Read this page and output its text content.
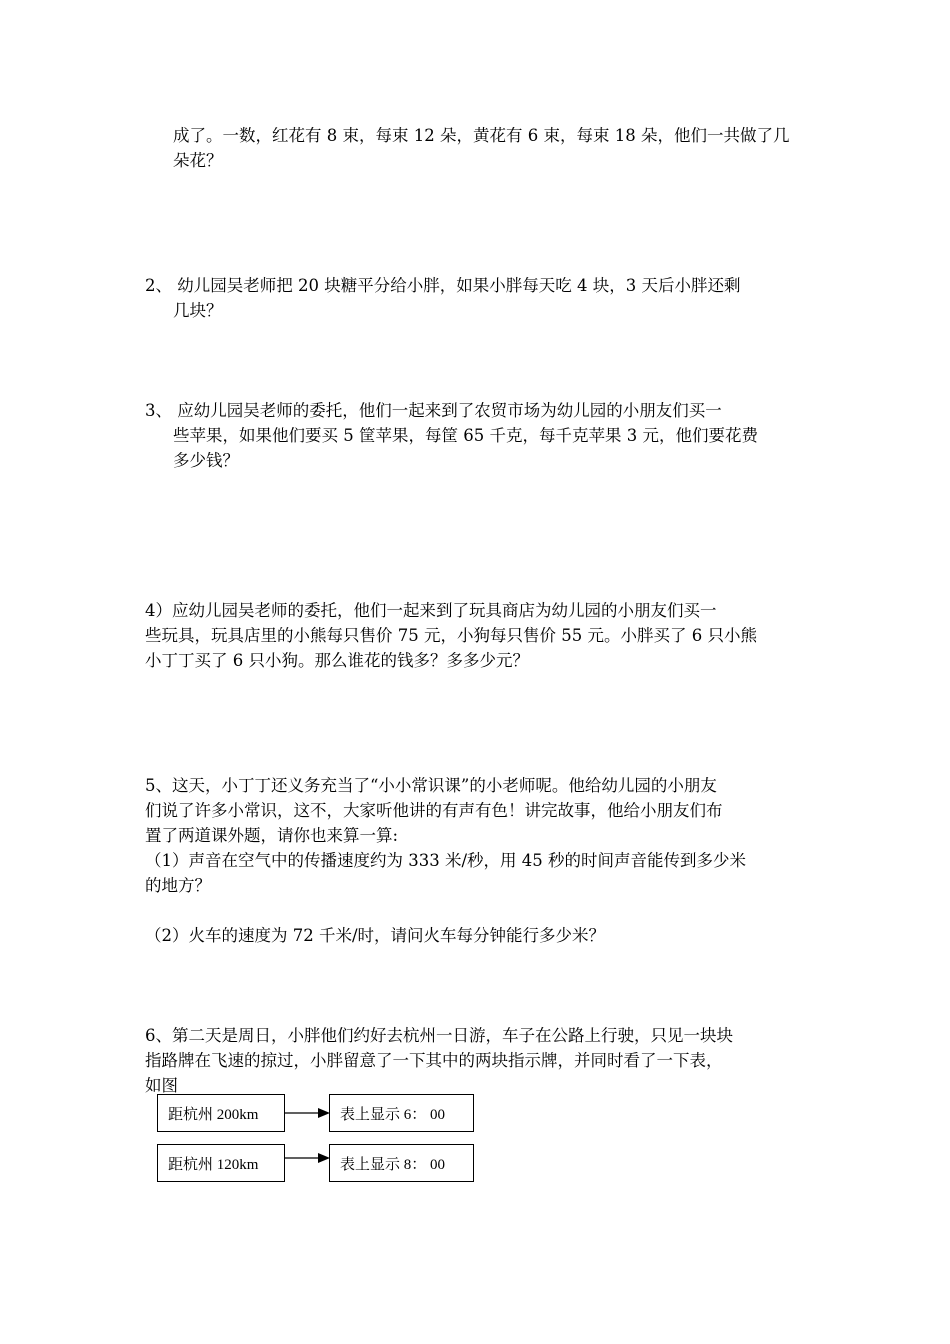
成了。一数，红花有 8 束，每束 12 朵，黄花有 6 束，每束 18 朵，他们一共做了几
朵花？
2、 幼儿园吴老师把 20 块糖平分给小胖，如果小胖每天吃 4 块，3 天后小胖还剩
几块？
3、 应幼儿园吴老师的委托，他们一起来到了农贸市场为幼儿园的小朋友们买一
些苹果，如果他们要买 5 筐苹果，每筐 65 千克，每千克苹果 3 元，他们要花费
多少钱？
4）应幼儿园吴老师的委托，他们一起来到了玩具商店为幼儿园的小朋友们买一
些玩具，玩具店里的小熊每只售价 75 元，小狗每只售价 55 元。小胖买了 6 只小熊
小丁丁买了 6 只小狗。那么谁花的钱多？多多少元？
5、这天，小丁丁还义务充当了“小小常识课”的小老师呢。他给幼儿园的小朋友
们说了许多小常识，这不，大家听他讲的有声有色！讲完故事，他给小朋友们布
置了两道课外题，请你也来算一算:
（1）声音在空气中的传播速度约为 333 米/秒，用 45 秒的时间声音能传到多少米
的地方？
（2）火车的速度为 72 千米/时，请问火车每分钟能行多少米？
6、第二天是周日，小胖他们约好去杭州一日游，车子在公路上行驶，只见一块块
指路牌在飞速的掠过，小胖留意了一下其中的两块指示牌，并同时看了一下表，
如图
距杭州 200km	表上显示 6： 00
距杭州 120km	表上显示 8： 00
